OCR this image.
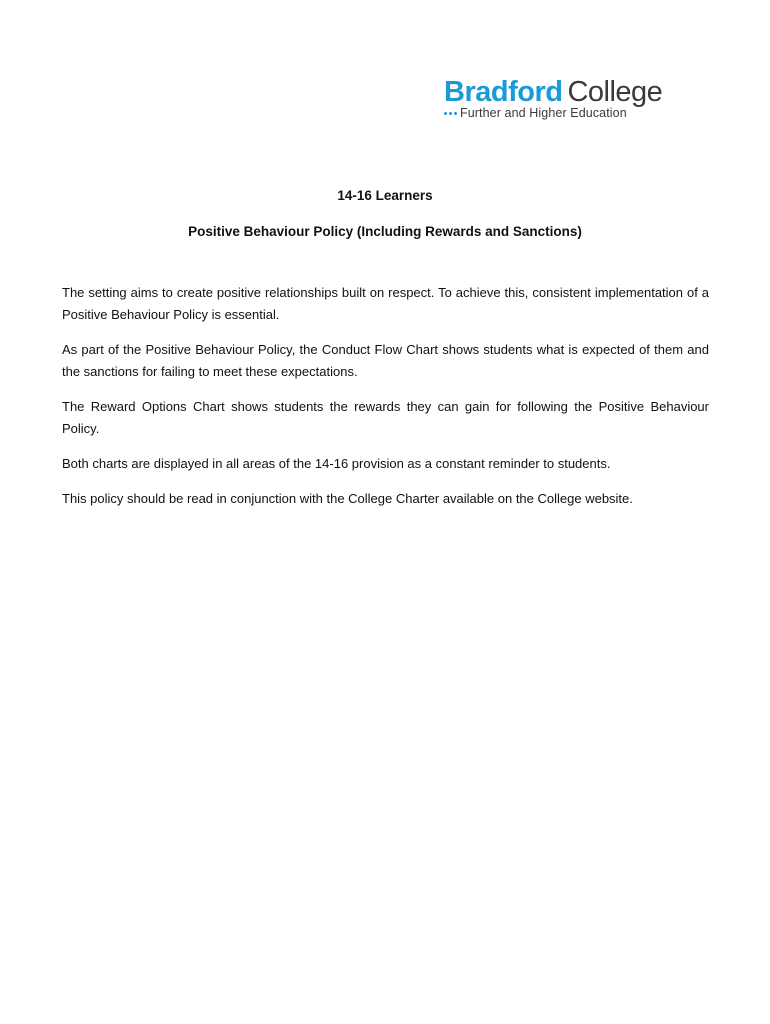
Bradford College
Further and Higher Education
14-16 Learners
Positive Behaviour Policy (Including Rewards and Sanctions)

The setting aims to create positive relationships built on respect. To achieve this, consistent implementation of a Positive Behaviour Policy is essential.

As part of the Positive Behaviour Policy, the Conduct Flow Chart shows students what is expected of them and the sanctions for failing to meet these expectations.

The Reward Options Chart shows students the rewards they can gain for following the Positive Behaviour Policy.

Both charts are displayed in all areas of the 14-16 provision as a constant reminder to students.

This policy should be read in conjunction with the College Charter available on the College website.
